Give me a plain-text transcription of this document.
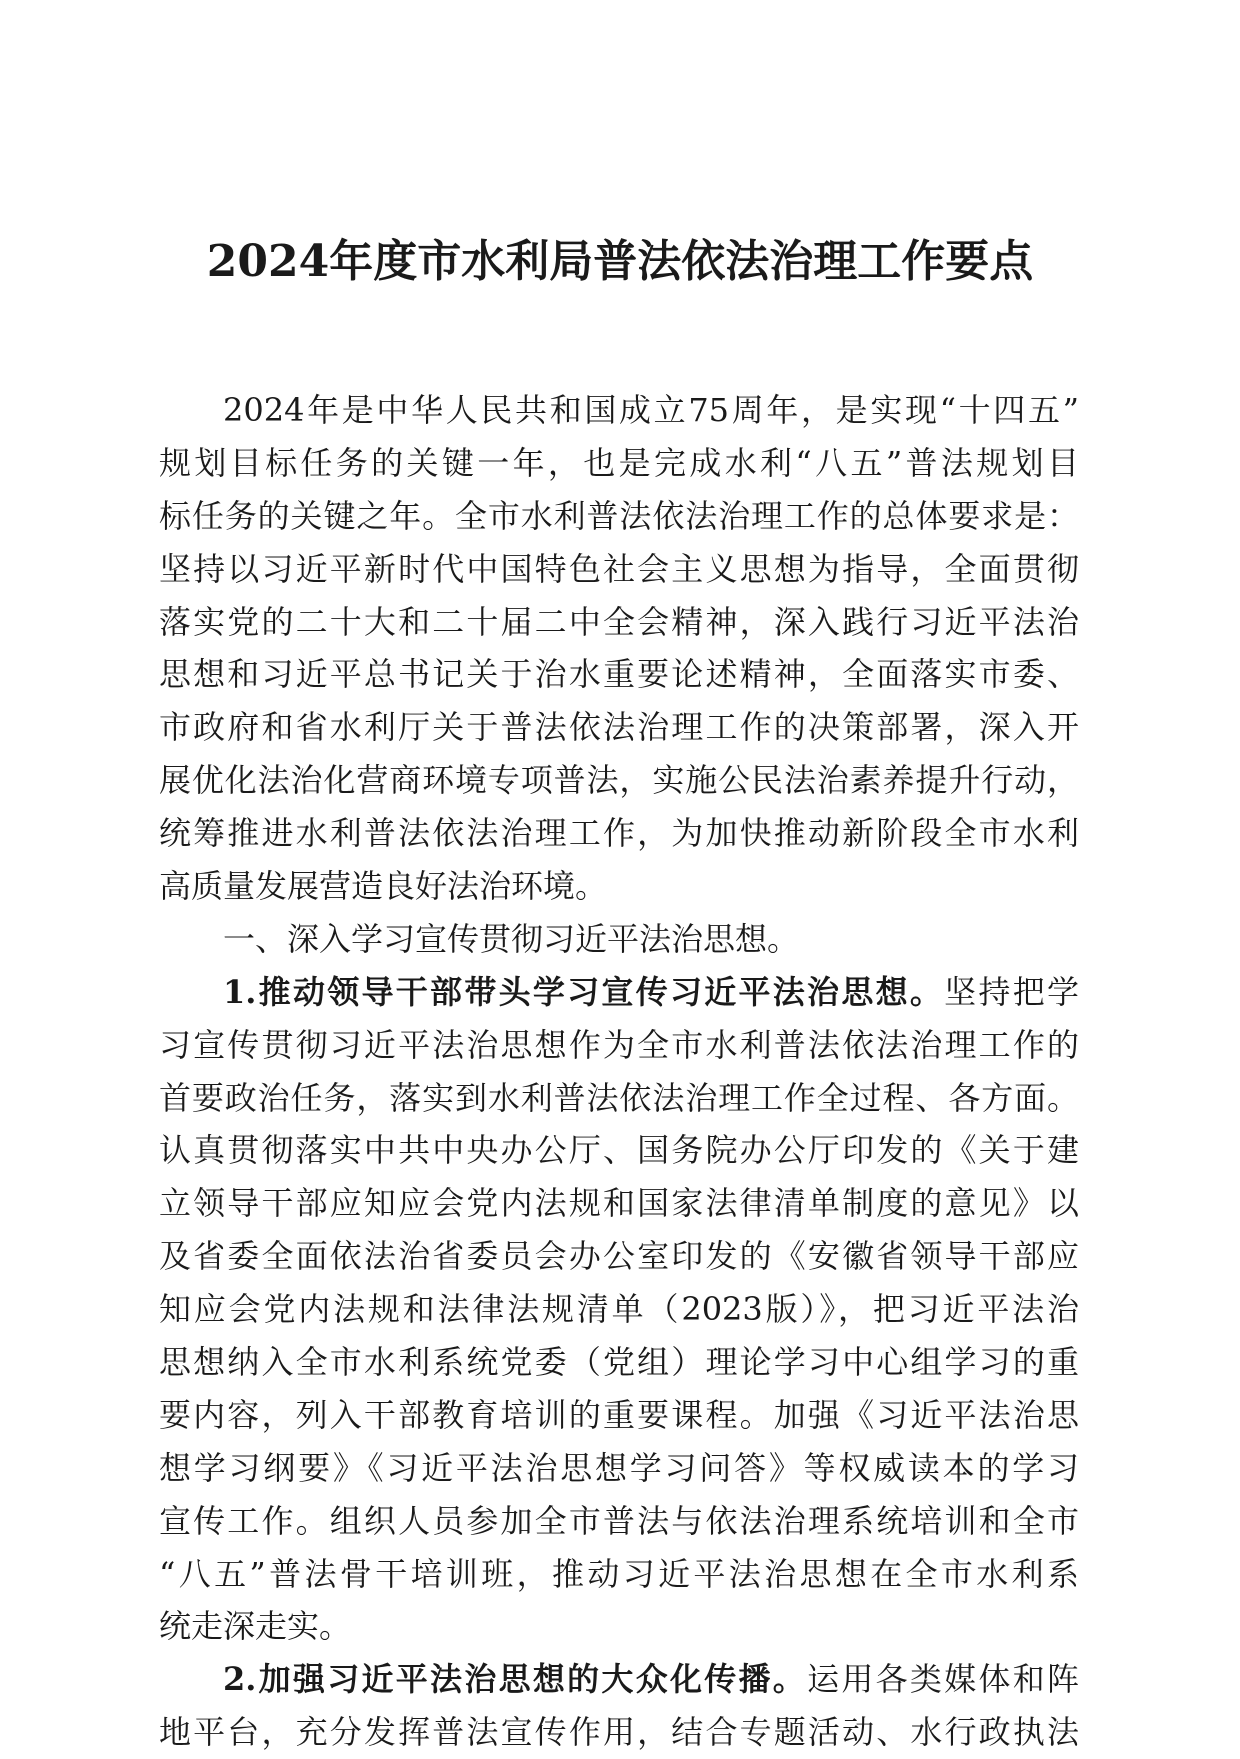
2024年度市水利局普法依法治理工作要点
2024年是中华人民共和国成立75周年，是实现“十四五”
规划目标任务的关键一年，也是完成水利“八五”普法规划目
标任务的关键之年。全市水利普法依法治理工作的总体要求是：
坚持以习近平新时代中国特色社会主义思想为指导，全面贯彻
落实党的二十大和二十届二中全会精神，深入践行习近平法治
思想和习近平总书记关于治水重要论述精神，全面落实市委、
市政府和省水利厅关于普法依法治理工作的决策部署，深入开
展优化法治化营商环境专项普法，实施公民法治素养提升行动，
统筹推进水利普法依法治理工作，为加快推动新阶段全市水利
高质量发展营造良好法治环境。
一、深入学习宣传贯彻习近平法治思想。
1.推动领导干部带头学习宣传习近平法治思想。坚持把学
习宣传贯彻习近平法治思想作为全市水利普法依法治理工作的
首要政治任务，落实到水利普法依法治理工作全过程、各方面。
认真贯彻落实中共中央办公厅、国务院办公厅印发的《关于建
立领导干部应知应会党内法规和国家法律清单制度的意见》以
及省委全面依法治省委员会办公室印发的《安徽省领导干部应
知应会党内法规和法律法规清单（2023版）》，把习近平法治
思想纳入全市水利系统党委（党组）理论学习中心组学习的重
要内容，列入干部教育培训的重要课程。加强《习近平法治思
想学习纲要》《习近平法治思想学习问答》等权威读本的学习
宣传工作。组织人员参加全市普法与依法治理系统培训和全市
“八五”普法骨干培训班，推动习近平法治思想在全市水利系
统走深走实。
2.加强习近平法治思想的大众化传播。运用各类媒体和阵
地平台，充分发挥普法宣传作用，结合专题活动、水行政执法
